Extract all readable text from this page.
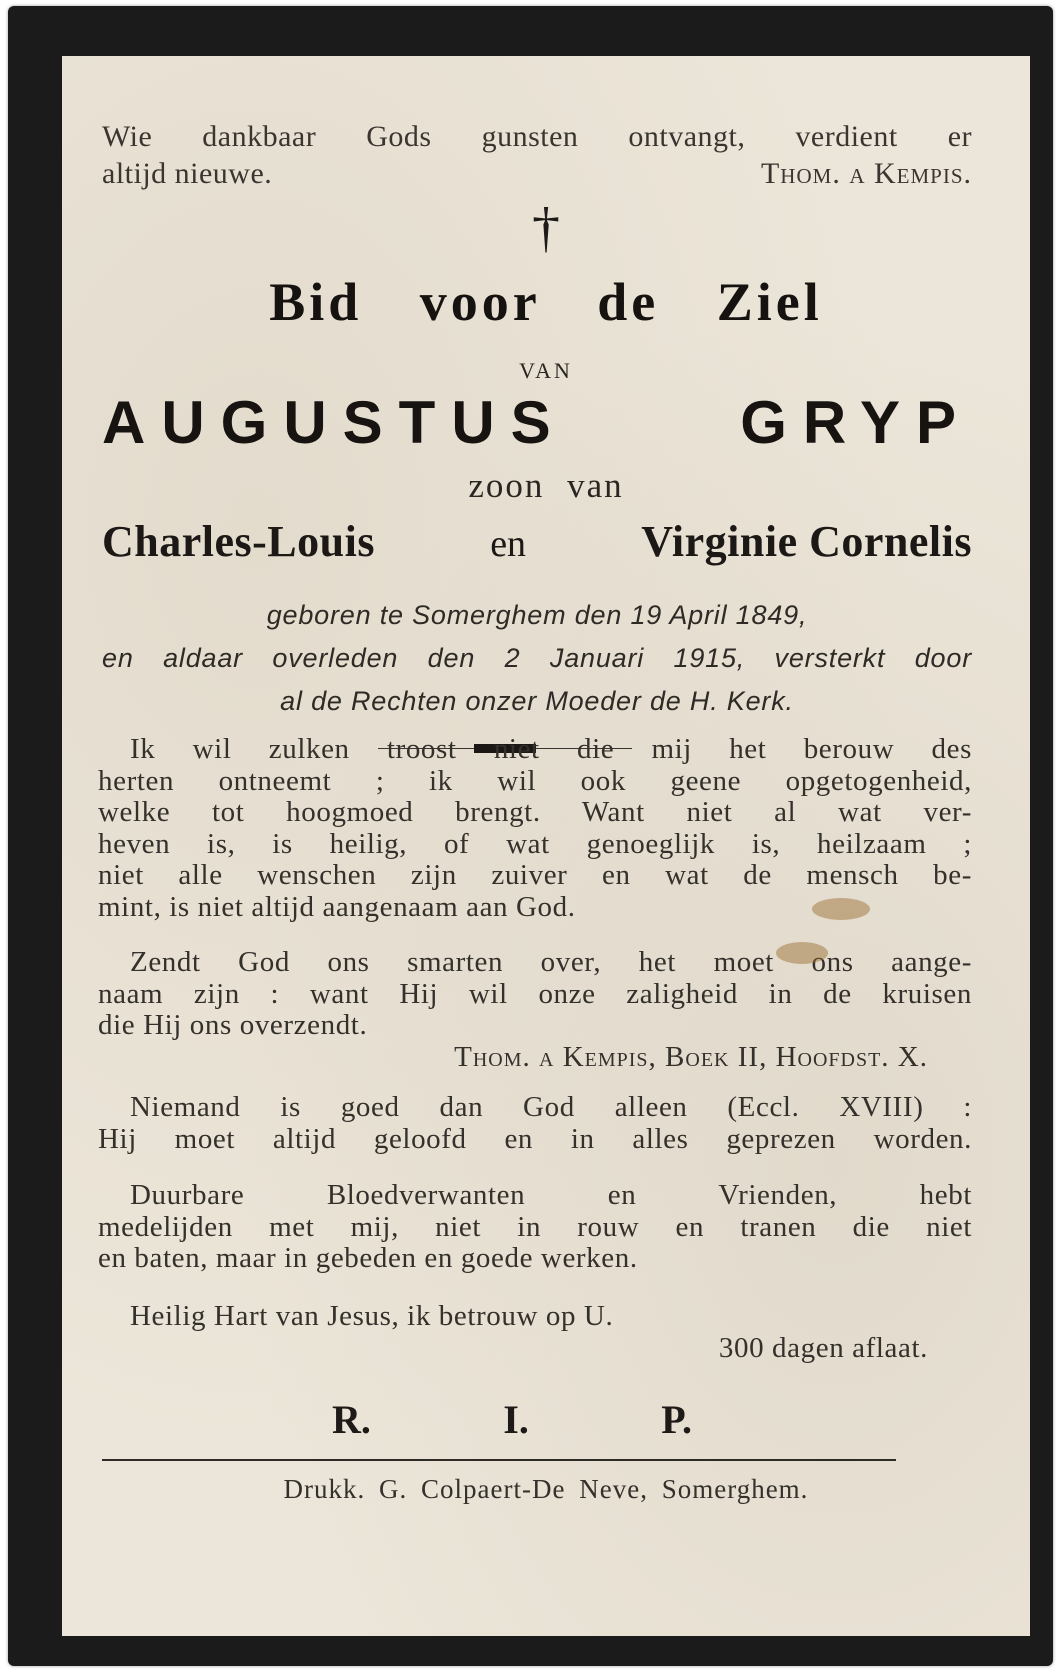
Wie dankbaar Gods gunsten ontvangt, verdient er
altijd nieuwe.	Thom. a Kempis.
†
Bid voor de Ziel
VAN
AUGUSTUS	GRYP
zoon van
Charles-Louis	en	Virginie Cornelis
geboren te Somerghem den 19 April 1849,
en aldaar overleden den 2 Januari 1915, versterkt door
al de Rechten onzer Moeder de H. Kerk.
Ik wil zulken troost niet die mij het berouw des
herten ontneemt ; ik wil ook geene opgetogenheid,
welke tot hoogmoed brengt. Want niet al wat ver-
heven is, is heilig, of wat genoeglijk is, heilzaam ;
niet alle wenschen zijn zuiver en wat de mensch be-
mint, is niet altijd aangenaam aan God.
Zendt God ons smarten over, het moet ons aange-
naam zijn : want Hij wil onze zaligheid in de kruisen
die Hij ons overzendt.
Thom. a Kempis, Boek II, Hoofdst. X.
Niemand is goed dan God alleen (Eccl. XVIII) :
Hij moet altijd geloofd en in alles geprezen worden.
Duurbare Bloedverwanten en Vrienden, hebt
medelijden met mij, niet in rouw en tranen die niet
en baten, maar in gebeden en goede werken.
Heilig Hart van Jesus, ik betrouw op U.
300 dagen aflaat.
R.	I.	P.
Drukk. G. Colpaert-De Neve, Somerghem.
